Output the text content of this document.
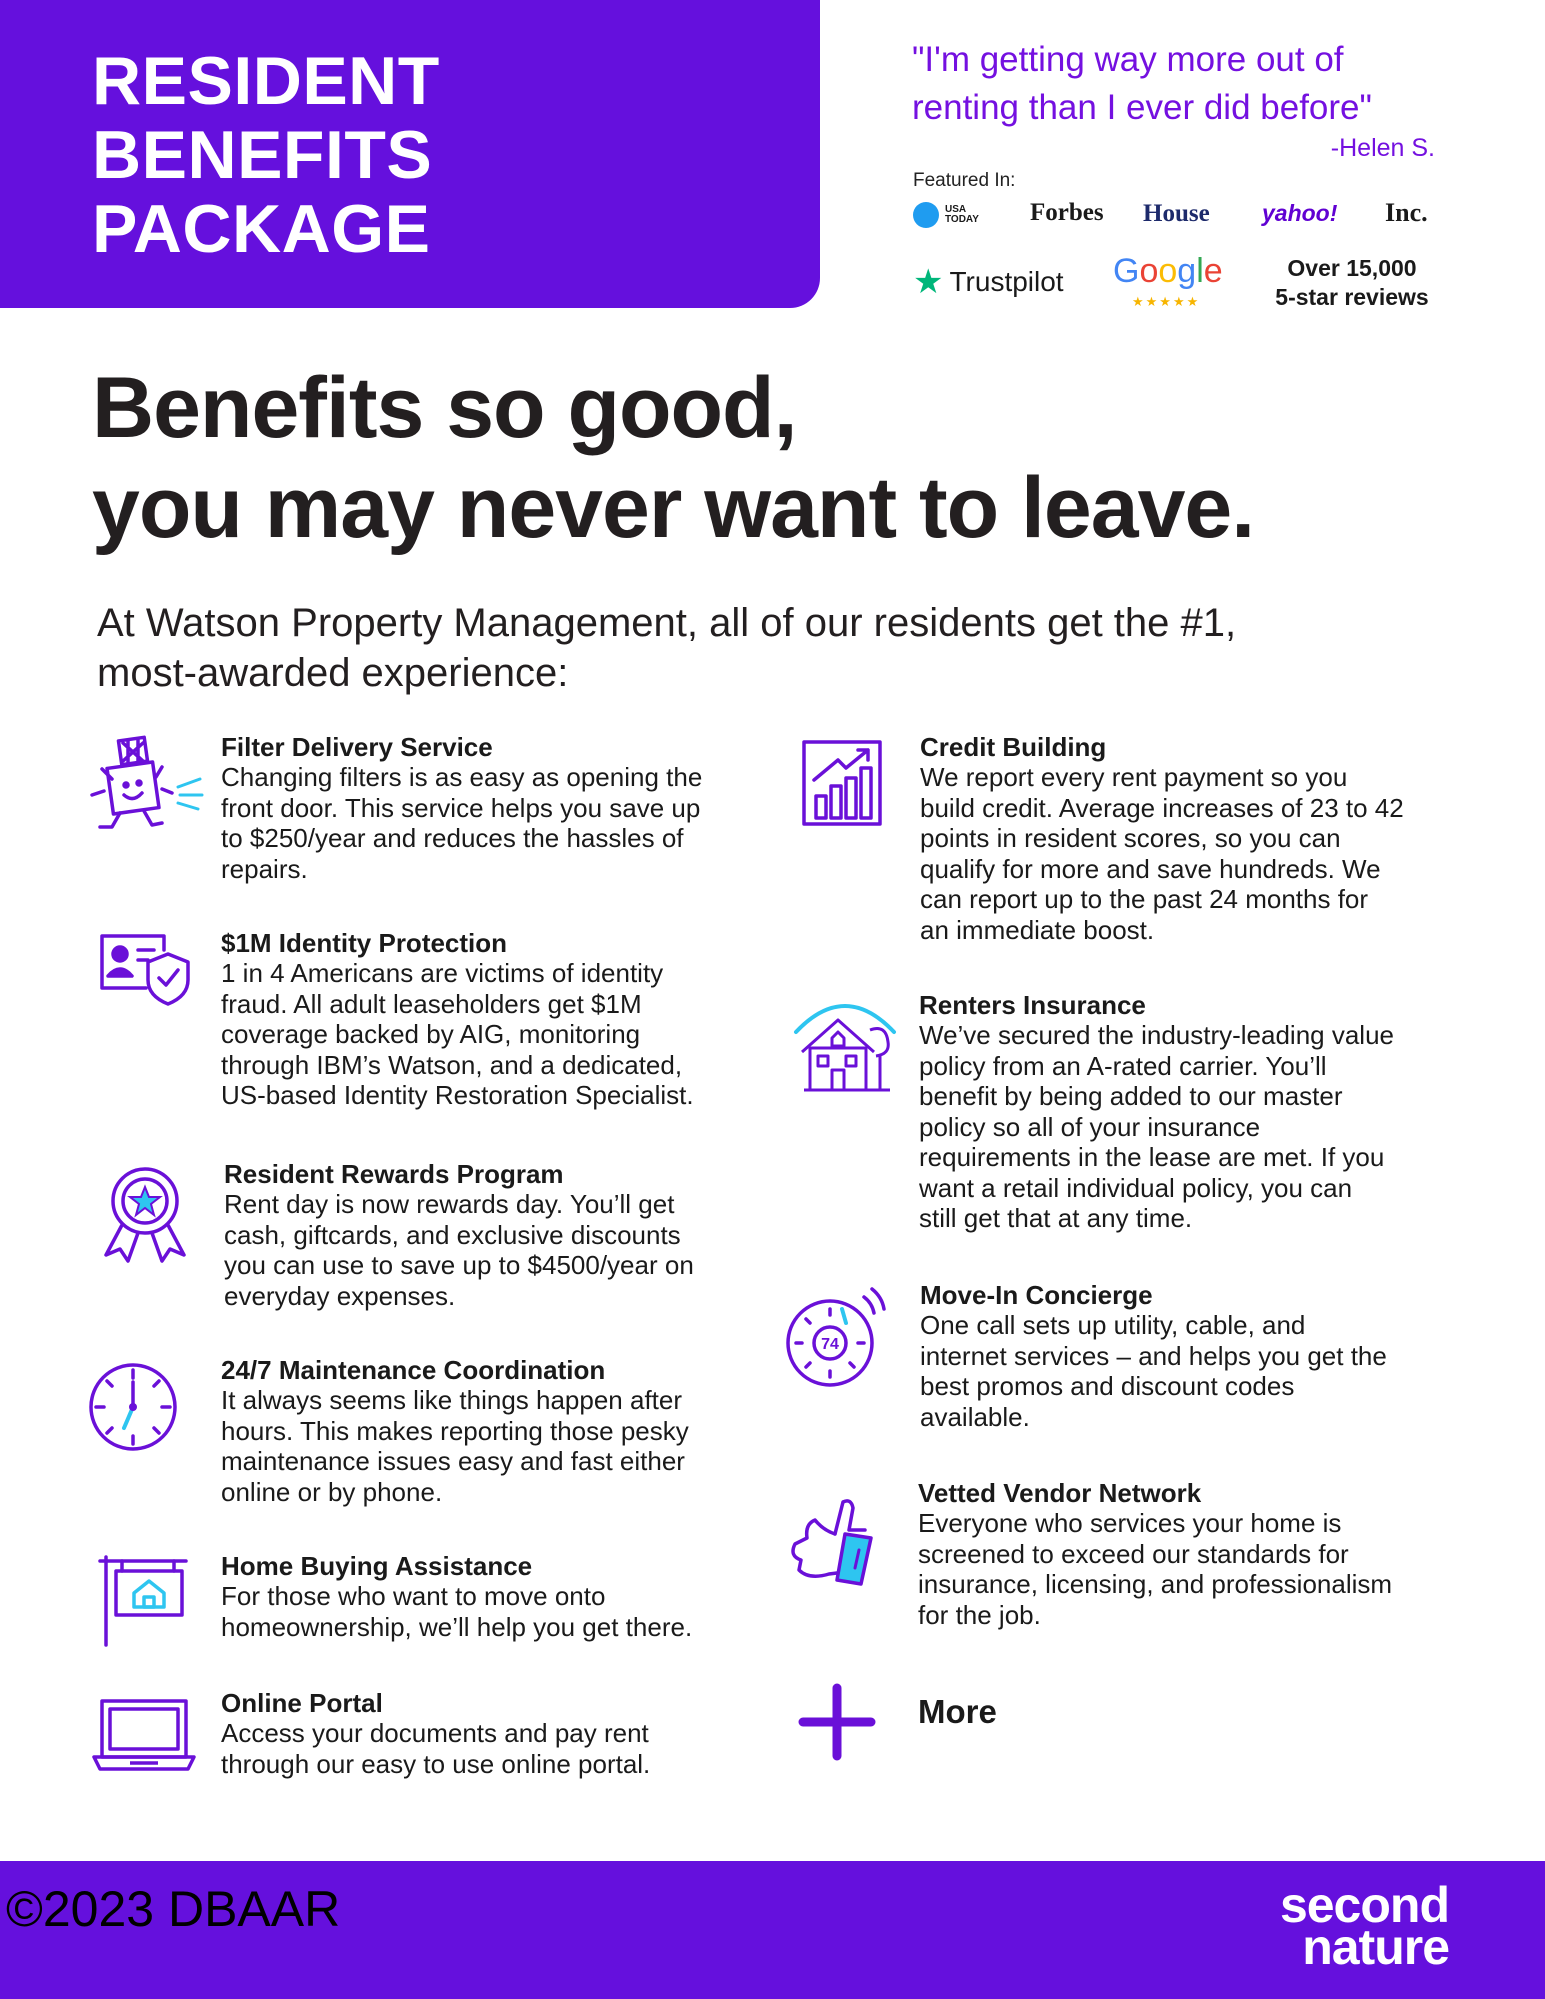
RESIDENT
BENEFITS
PACKAGE
"I'm getting way more out of
renting than I ever did before"
-Helen S.
Featured In:
USA
TODAY Forbes House yahoo! Inc.
★ Trustpilot Google
★★★★★
Over 15,000
5-star reviews
Benefits so good,
you may never want to leave.
At Watson Property Management, all of our residents get the #1,
most-awarded experience:
Filter Delivery Service
Changing filters is as easy as opening the
front door. This service helps you save up
to $250/year and reduces the hassles of
repairs.
$1M Identity Protection
1 in 4 Americans are victims of identity
fraud. All adult leaseholders get $1M
coverage backed by AIG, monitoring
through IBM’s Watson, and a dedicated,
US-based Identity Restoration Specialist.
Resident Rewards Program
Rent day is now rewards day. You’ll get
cash, giftcards, and exclusive discounts
you can use to save up to $4500/year on
everyday expenses.
24/7 Maintenance Coordination
It always seems like things happen after
hours. This makes reporting those pesky
maintenance issues easy and fast either
online or by phone.
Home Buying Assistance
For those who want to move onto
homeownership, we’ll help you get there.
Online Portal
Access your documents and pay rent
through our easy to use online portal.
Credit Building
We report every rent payment so you
build credit. Average increases of 23 to 42
points in resident scores, so you can
qualify for more and save hundreds. We
can report up to the past 24 months for
an immediate boost.
Renters Insurance
We’ve secured the industry-leading value
policy from an A-rated carrier. You’ll
benefit by being added to our master
policy so all of your insurance
requirements in the lease are met. If you
want a retail individual policy, you can
still get that at any time.
74
Move-In Concierge
One call sets up utility, cable, and
internet services – and helps you get the
best promos and discount codes
available.
Vetted Vendor Network
Everyone who services your home is
screened to exceed our standards for
insurance, licensing, and professionalism
for the job.
More
©2023 DBAAR	second
nature
